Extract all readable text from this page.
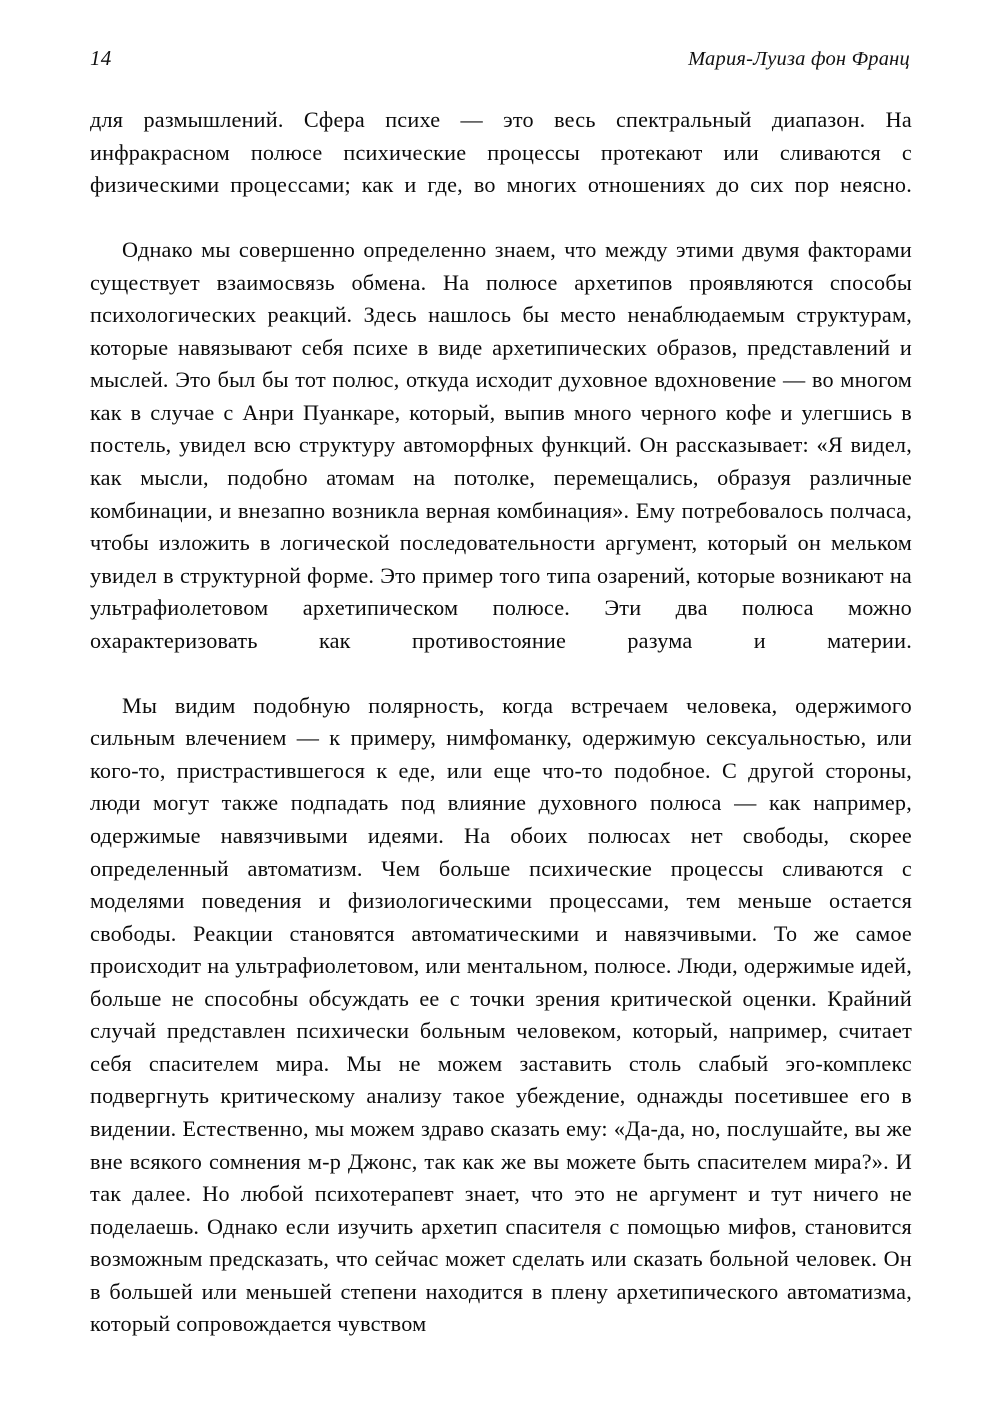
14	Мария-Луиза фон Франц

для размышлений. Сфера психе — это весь спектральный диапазон. На инфракрасном полюсе психические процессы протекают или сливаются с физическими процессами; как и где, во многих отношениях до сих пор неясно.

Однако мы совершенно определенно знаем, что между этими двумя факторами существует взаимосвязь обмена. На полюсе архетипов проявляются способы психологических реакций. Здесь нашлось бы место ненаблюдаемым структурам, которые навязывают себя психе в виде архетипических образов, представлений и мыслей. Это был бы тот полюс, откуда исходит духовное вдохновение — во многом как в случае с Анри Пуанкаре, который, выпив много черного кофе и улегшись в постель, увидел всю структуру автоморфных функций. Он рассказывает: «Я видел, как мысли, подобно атомам на потолке, перемещались, образуя различные комбинации, и внезапно возникла верная комбинация». Ему потребовалось полчаса, чтобы изложить в логической последовательности аргумент, который он мельком увидел в структурной форме. Это пример того типа озарений, которые возникают на ультрафиолетовом архетипическом полюсе. Эти два полюса можно охарактеризовать как противостояние разума и материи.

Мы видим подобную полярность, когда встречаем человека, одержимого сильным влечением — к примеру, нимфоманку, одержимую сексуальностью, или кого-то, пристрастившегося к еде, или еще что-то подобное. С другой стороны, люди могут также подпадать под влияние духовного полюса — как например, одержимые навязчивыми идеями. На обоих полюсах нет свободы, скорее определенный автоматизм. Чем больше психические процессы сливаются с моделями поведения и физиологическими процессами, тем меньше остается свободы. Реакции становятся автоматическими и навязчивыми. То же самое происходит на ультрафиолетовом, или ментальном, полюсе. Люди, одержимые идей, больше не способны обсуждать ее с точки зрения критической оценки. Крайний случай представлен психически больным человеком, который, например, считает себя спасителем мира. Мы не можем заставить столь слабый эго-комплекс подвергнуть критическому анализу такое убеждение, однажды посетившее его в видении. Естественно, мы можем здраво сказать ему: «Да-да, но, послушайте, вы же вне всякого сомнения м-р Джонс, так как же вы можете быть спасителем мира?». И так далее. Но любой психотерапевт знает, что это не аргумент и тут ничего не поделаешь. Однако если изучить архетип спасителя с помощью мифов, становится возможным предсказать, что сейчас может сделать или сказать больной человек. Он в большей или меньшей степени находится в плену архетипического автоматизма, который сопровождается чувством
